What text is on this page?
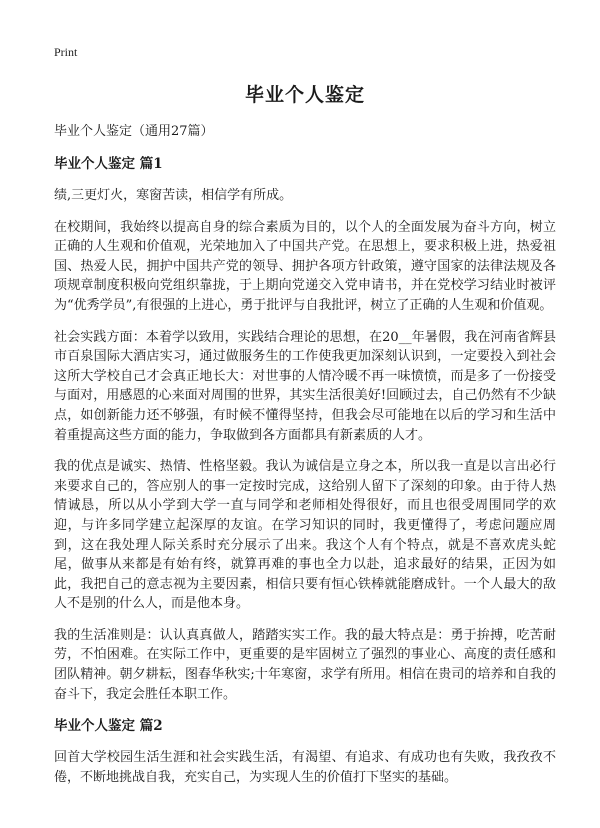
Print

毕业个人鉴定

毕业个人鉴定（通用27篇）

毕业个人鉴定 篇1

绩,三更灯火，寒窗苦读，相信学有所成。

在校期间，我始终以提高自身的综合素质为目的，以个人的全面发展为奋斗方向，树立正确的人生观和价值观，光荣地加入了中国共产党。在思想上，要求积极上进，热爱祖国、热爱人民，拥护中国共产党的领导、拥护各项方针政策，遵守国家的法律法规及各项规章制度积极向党组织靠拢，于上期向党递交入党申请书，并在党校学习结业时被评为“优秀学员”,有很强的上进心，勇于批评与自我批评，树立了正确的人生观和价值观。

社会实践方面：本着学以致用，实践结合理论的思想，在20__年暑假，我在河南省辉县市百泉国际大酒店实习，通过做服务生的工作使我更加深刻认识到，一定要投入到社会这所大学校自己才会真正地长大：对世事的人情冷暖不再一味愤愤，而是多了一份接受与面对，用感恩的心来面对周围的世界，其实生活很美好!回顾过去，自己仍然有不少缺点，如创新能力还不够强，有时候不懂得坚持，但我会尽可能地在以后的学习和生活中着重提高这些方面的能力，争取做到各方面都具有新素质的人才。

我的优点是诚实、热情、性格坚毅。我认为诚信是立身之本，所以我一直是以言出必行来要求自己的，答应别人的事一定按时完成，这给别人留下了深刻的印象。由于待人热情诚恳，所以从小学到大学一直与同学和老师相处得很好，而且也很受周围同学的欢迎，与许多同学建立起深厚的友谊。在学习知识的同时，我更懂得了，考虑问题应周到，这在我处理人际关系时充分展示了出来。我这个人有个特点，就是不喜欢虎头蛇尾，做事从来都是有始有终，就算再难的事也全力以赴，追求最好的结果，正因为如此，我把自己的意志视为主要因素，相信只要有恒心铁棒就能磨成针。一个人最大的敌人不是别的什么人，而是他本身。

我的生活准则是：认认真真做人，踏踏实实工作。我的最大特点是：勇于拚搏，吃苦耐劳，不怕困难。在实际工作中，更重要的是牢固树立了强烈的事业心、高度的责任感和团队精神。朝夕耕耘，图春华秋实;十年寒窗，求学有所用。相信在贵司的培养和自我的奋斗下，我定会胜任本职工作。

毕业个人鉴定 篇2

回首大学校园生活生涯和社会实践生活，有渴望、有追求、有成功也有失败，我孜孜不倦，不断地挑战自我，充实自己，为实现人生的价值打下坚实的基础。
